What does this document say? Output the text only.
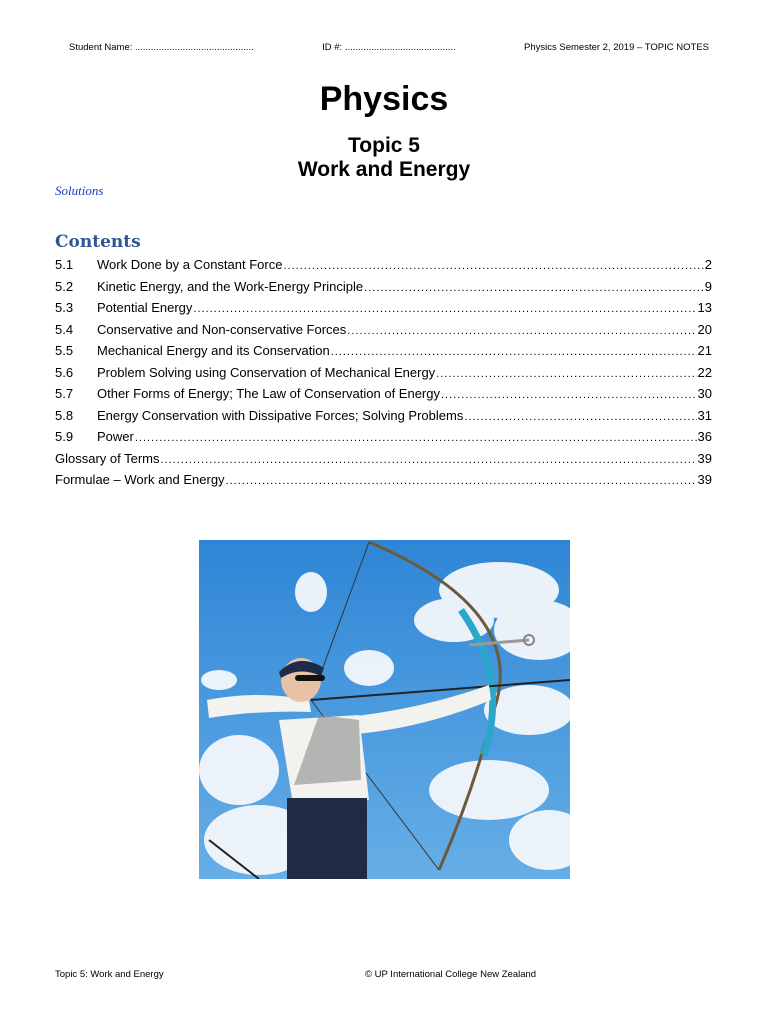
Student Name: .............................................	ID #: ..........................................	Physics Semester 2, 2019 – TOPIC NOTES
Physics
Topic 5
Work and Energy
Solutions
Contents
5.1	Work Done by a Constant Force .....	2
5.2	Kinetic Energy, and the Work-Energy Principle .....	9
5.3	Potential Energy .....	13
5.4	Conservative and Non-conservative Forces .....	20
5.5	Mechanical Energy and its Conservation .....	21
5.6	Problem Solving using Conservation of Mechanical Energy .....	22
5.7	Other Forms of Energy; The Law of Conservation of Energy .....	30
5.8	Energy Conservation with Dissipative Forces; Solving Problems .....	31
5.9	Power .....	36
Glossary of Terms .....	39
Formulae – Work and Energy .....	39
Topic 5: Work and Energy	© UP International College New Zealand
